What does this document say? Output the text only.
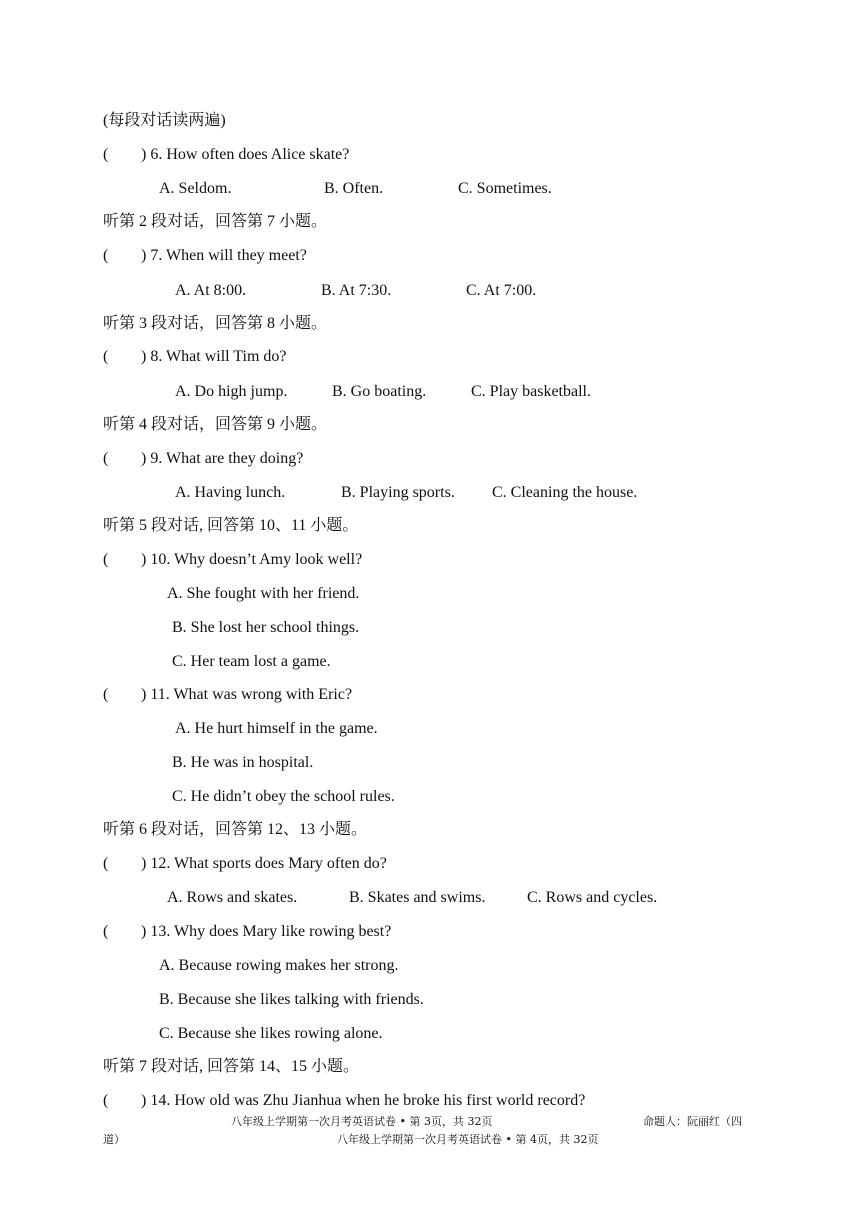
(每段对话读两遍)
( ) 6. How often does Alice skate?
A. Seldom.	B. Often.	C. Sometimes.
听第 2 段对话，回答第 7 小题。
( ) 7. When will they meet?
A. At 8:00.	B. At 7:30.	C. At 7:00.
听第 3 段对话，回答第 8 小题。
( ) 8. What will Tim do?
A. Do high jump.	B. Go boating.	C. Play basketball.
听第 4 段对话，回答第 9 小题。
( ) 9. What are they doing?
A. Having lunch.	B. Playing sports. C. Cleaning the house.
听第 5 段对话, 回答第 10、11 小题。
( ) 10. Why doesn’t Amy look well?
A. She fought with her friend.
B. She lost her school things.
C. Her team lost a game.
( ) 11. What was wrong with Eric?
A. He hurt himself in the game.
B. He was in hospital.
C. He didn’t obey the school rules.
听第 6 段对话，回答第 12、13 小题。
( ) 12. What sports does Mary often do?
A. Rows and skates.	B. Skates and swims.	C. Rows and cycles.
( ) 13. Why does Mary like rowing best?
A. Because rowing makes her strong.
B. Because she likes talking with friends.
C. Because she likes rowing alone.
听第 7 段对话, 回答第 14、15 小题。
( ) 14. How old was Zhu Jianhua when he broke his first world record?
八年级上学期第一次月考英语试卷 • 第 3页，共 32页	命题人：阮丽红（四
道）	八年级上学期第一次月考英语试卷 • 第 4页，共 32页
